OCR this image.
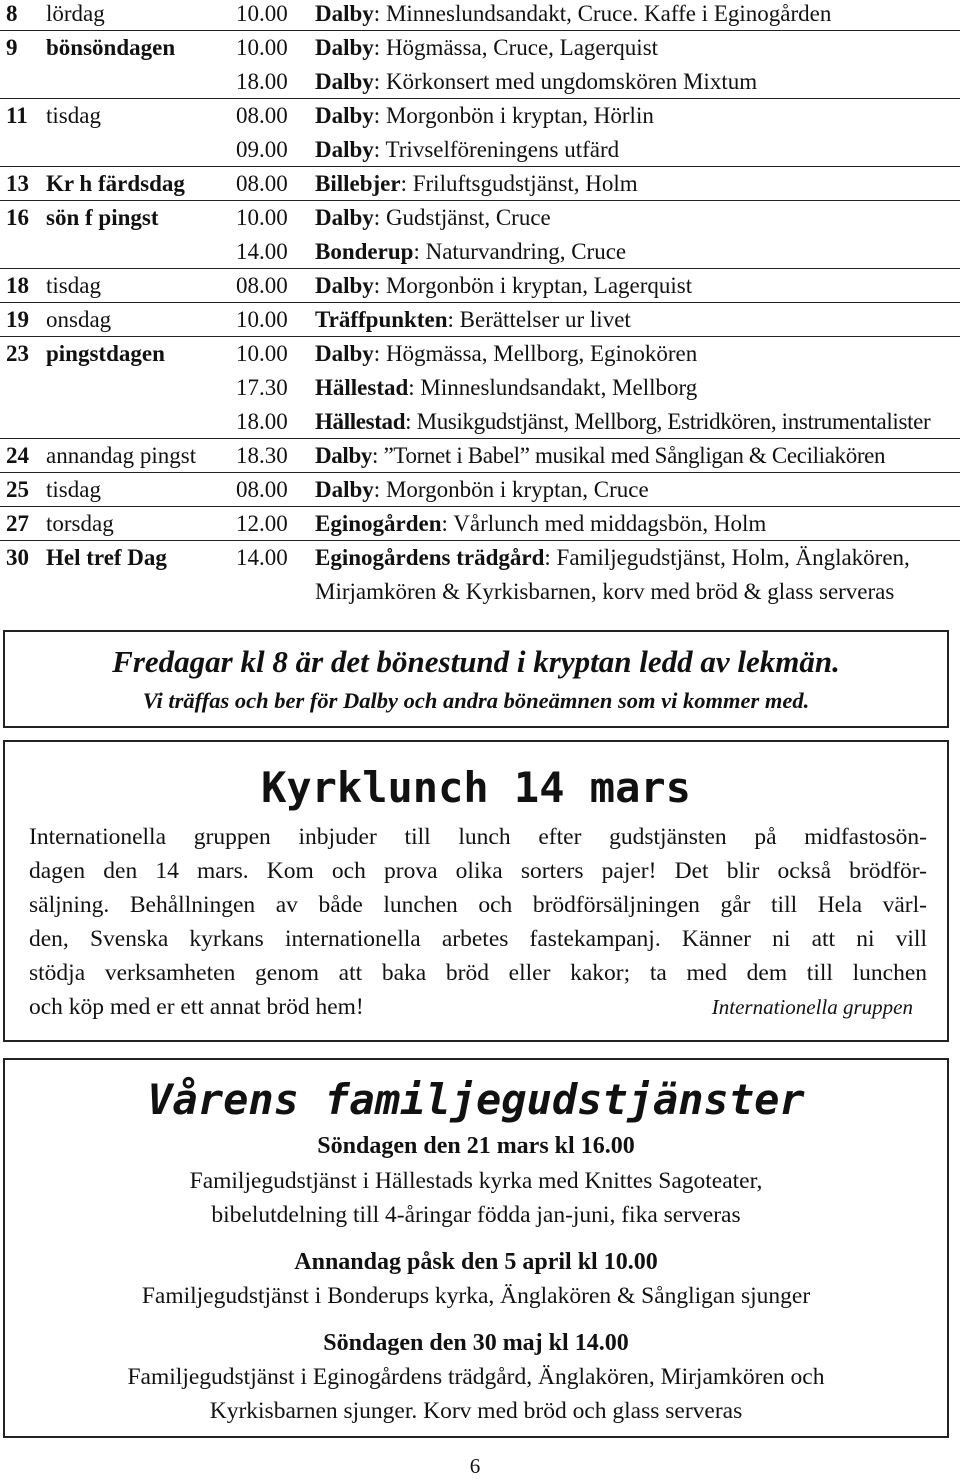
8 lördag	10.00 Dalby: Minneslundsandakt, Cruce. Kaffe i Eginogården
9 bönsöndagen	10.00 Dalby: Högmässa, Cruce, Lagerquist
18.00 Dalby: Körkonsert med ungdomskören Mixtum
11 tisdag	08.00 Dalby: Morgonbön i kryptan, Hörlin
09.00 Dalby: Trivselföreningens utfärd
13 Kr h färdsdag 08.00 Billebjer: Friluftsgudstjänst, Holm
16 sön f pingst	10.00 Dalby: Gudstjänst, Cruce
14.00 Bonderup: Naturvandring, Cruce
18 tisdag	08.00 Dalby: Morgonbön i kryptan, Lagerquist
19 onsdag	10.00 Träffpunkten: Berättelser ur livet
23 pingstdagen	10.00 Dalby: Högmässa, Mellborg, Eginokören
17.30 Hällestad: Minneslundsandakt, Mellborg
18.00 Hällestad: Musikgudstjänst, Mellborg, Estridkören, instrumentalister
24 annandag pingst 18.30 Dalby: ”Tornet i Babel” musikal med Sångligan & Ceciliakören
25 tisdag	08.00 Dalby: Morgonbön i kryptan, Cruce
27 torsdag	12.00 Eginogården: Vårlunch med middagsbön, Holm
30 Hel tref Dag	14.00 Eginogårdens trädgård: Familjegudstjänst, Holm, Änglakören,
Mirjamkören & Kyrkisbarnen, korv med bröd & glass serveras
Fredagar kl 8 är det bönestund i kryptan ledd av lekmän.
Vi träffas och ber för Dalby och andra böneämnen som vi kommer med.
Kyrklunch 14 mars
Internationella gruppen inbjuder till lunch efter gudstjänsten på midfastosön-
dagen den 14 mars. Kom och prova olika sorters pajer! Det blir också brödför-
säljning. Behållningen av både lunchen och brödförsäljningen går till Hela värl-
den, Svenska kyrkans internationella arbetes fastekampanj. Känner ni att ni vill
stödja verksamheten genom att baka bröd eller kakor; ta med dem till lunchen
och köp med er ett annat bröd hem!	Internationella gruppen
Vårens familjegudstjänster
Söndagen den 21 mars kl 16.00
Familjegudstjänst i Hällestads kyrka med Knittes Sagoteater,
bibelutdelning till 4-åringar födda jan-juni, fika serveras
Annandag påsk den 5 april kl 10.00
Familjegudstjänst i Bonderups kyrka, Änglakören & Sångligan sjunger
Söndagen den 30 maj kl 14.00
Familjegudstjänst i Eginogårdens trädgård, Änglakören, Mirjamkören och
Kyrkisbarnen sjunger. Korv med bröd och glass serveras
6
